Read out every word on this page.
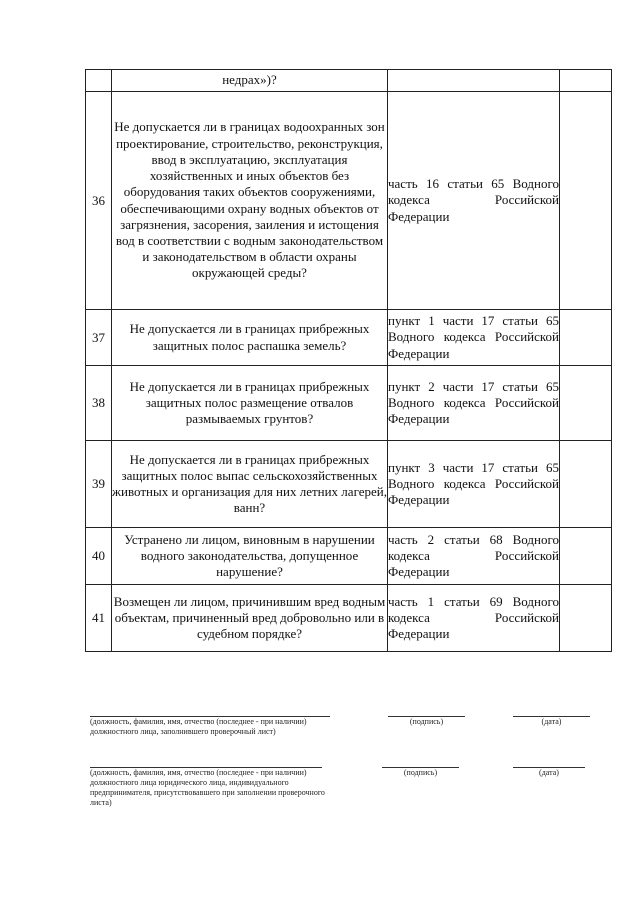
	недрах»)?		
36	Не допускается ли в границах водоохранных зон проектирование, строительство, реконструкция, ввод в эксплуатацию, эксплуатация хозяйственных и иных объектов без оборудования таких объектов сооружениями, обеспечивающими охрану водных объектов от загрязнения, засорения, заиления и истощения вод в соответствии с водным законодательством и законодательством в области охраны окружающей среды?	часть 16 статьи 65 Водного кодекса Российской Федерации	
37	Не допускается ли в границах прибрежных защитных полос распашка земель?	пункт 1 части 17 статьи 65 Водного кодекса Российской Федерации	
38	Не допускается ли в границах прибрежных защитных полос размещение отвалов размываемых грунтов?	пункт 2 части 17 статьи 65 Водного кодекса Российской Федерации	
39	Не допускается ли в границах прибрежных защитных полос выпас сельскохозяйственных животных и организация для них летних лагерей, ванн?	пункт 3 части 17 статьи 65 Водного кодекса Российской Федерации	
40	Устранено ли лицом, виновным в нарушении водного законодательства, допущенное нарушение?	часть 2 статьи 68 Водного кодекса Российской Федерации	
41	Возмещен ли лицом, причинившим вред водным объектам, причиненный вред добровольно или в судебном порядке?	часть 1 статьи 69 Водного кодекса Российской Федерации	
(должность, фамилия, имя, отчество (последнее - при наличии) должностного лица, заполнившего проверочный лист)
(подпись)	(дата)
(должность, фамилия, имя, отчество (последнее - при наличии) должностного лица юридического лица, индивидуального предпринимателя, присутствовавшего при заполнении проверочного листа)
(подпись)	(дата)
